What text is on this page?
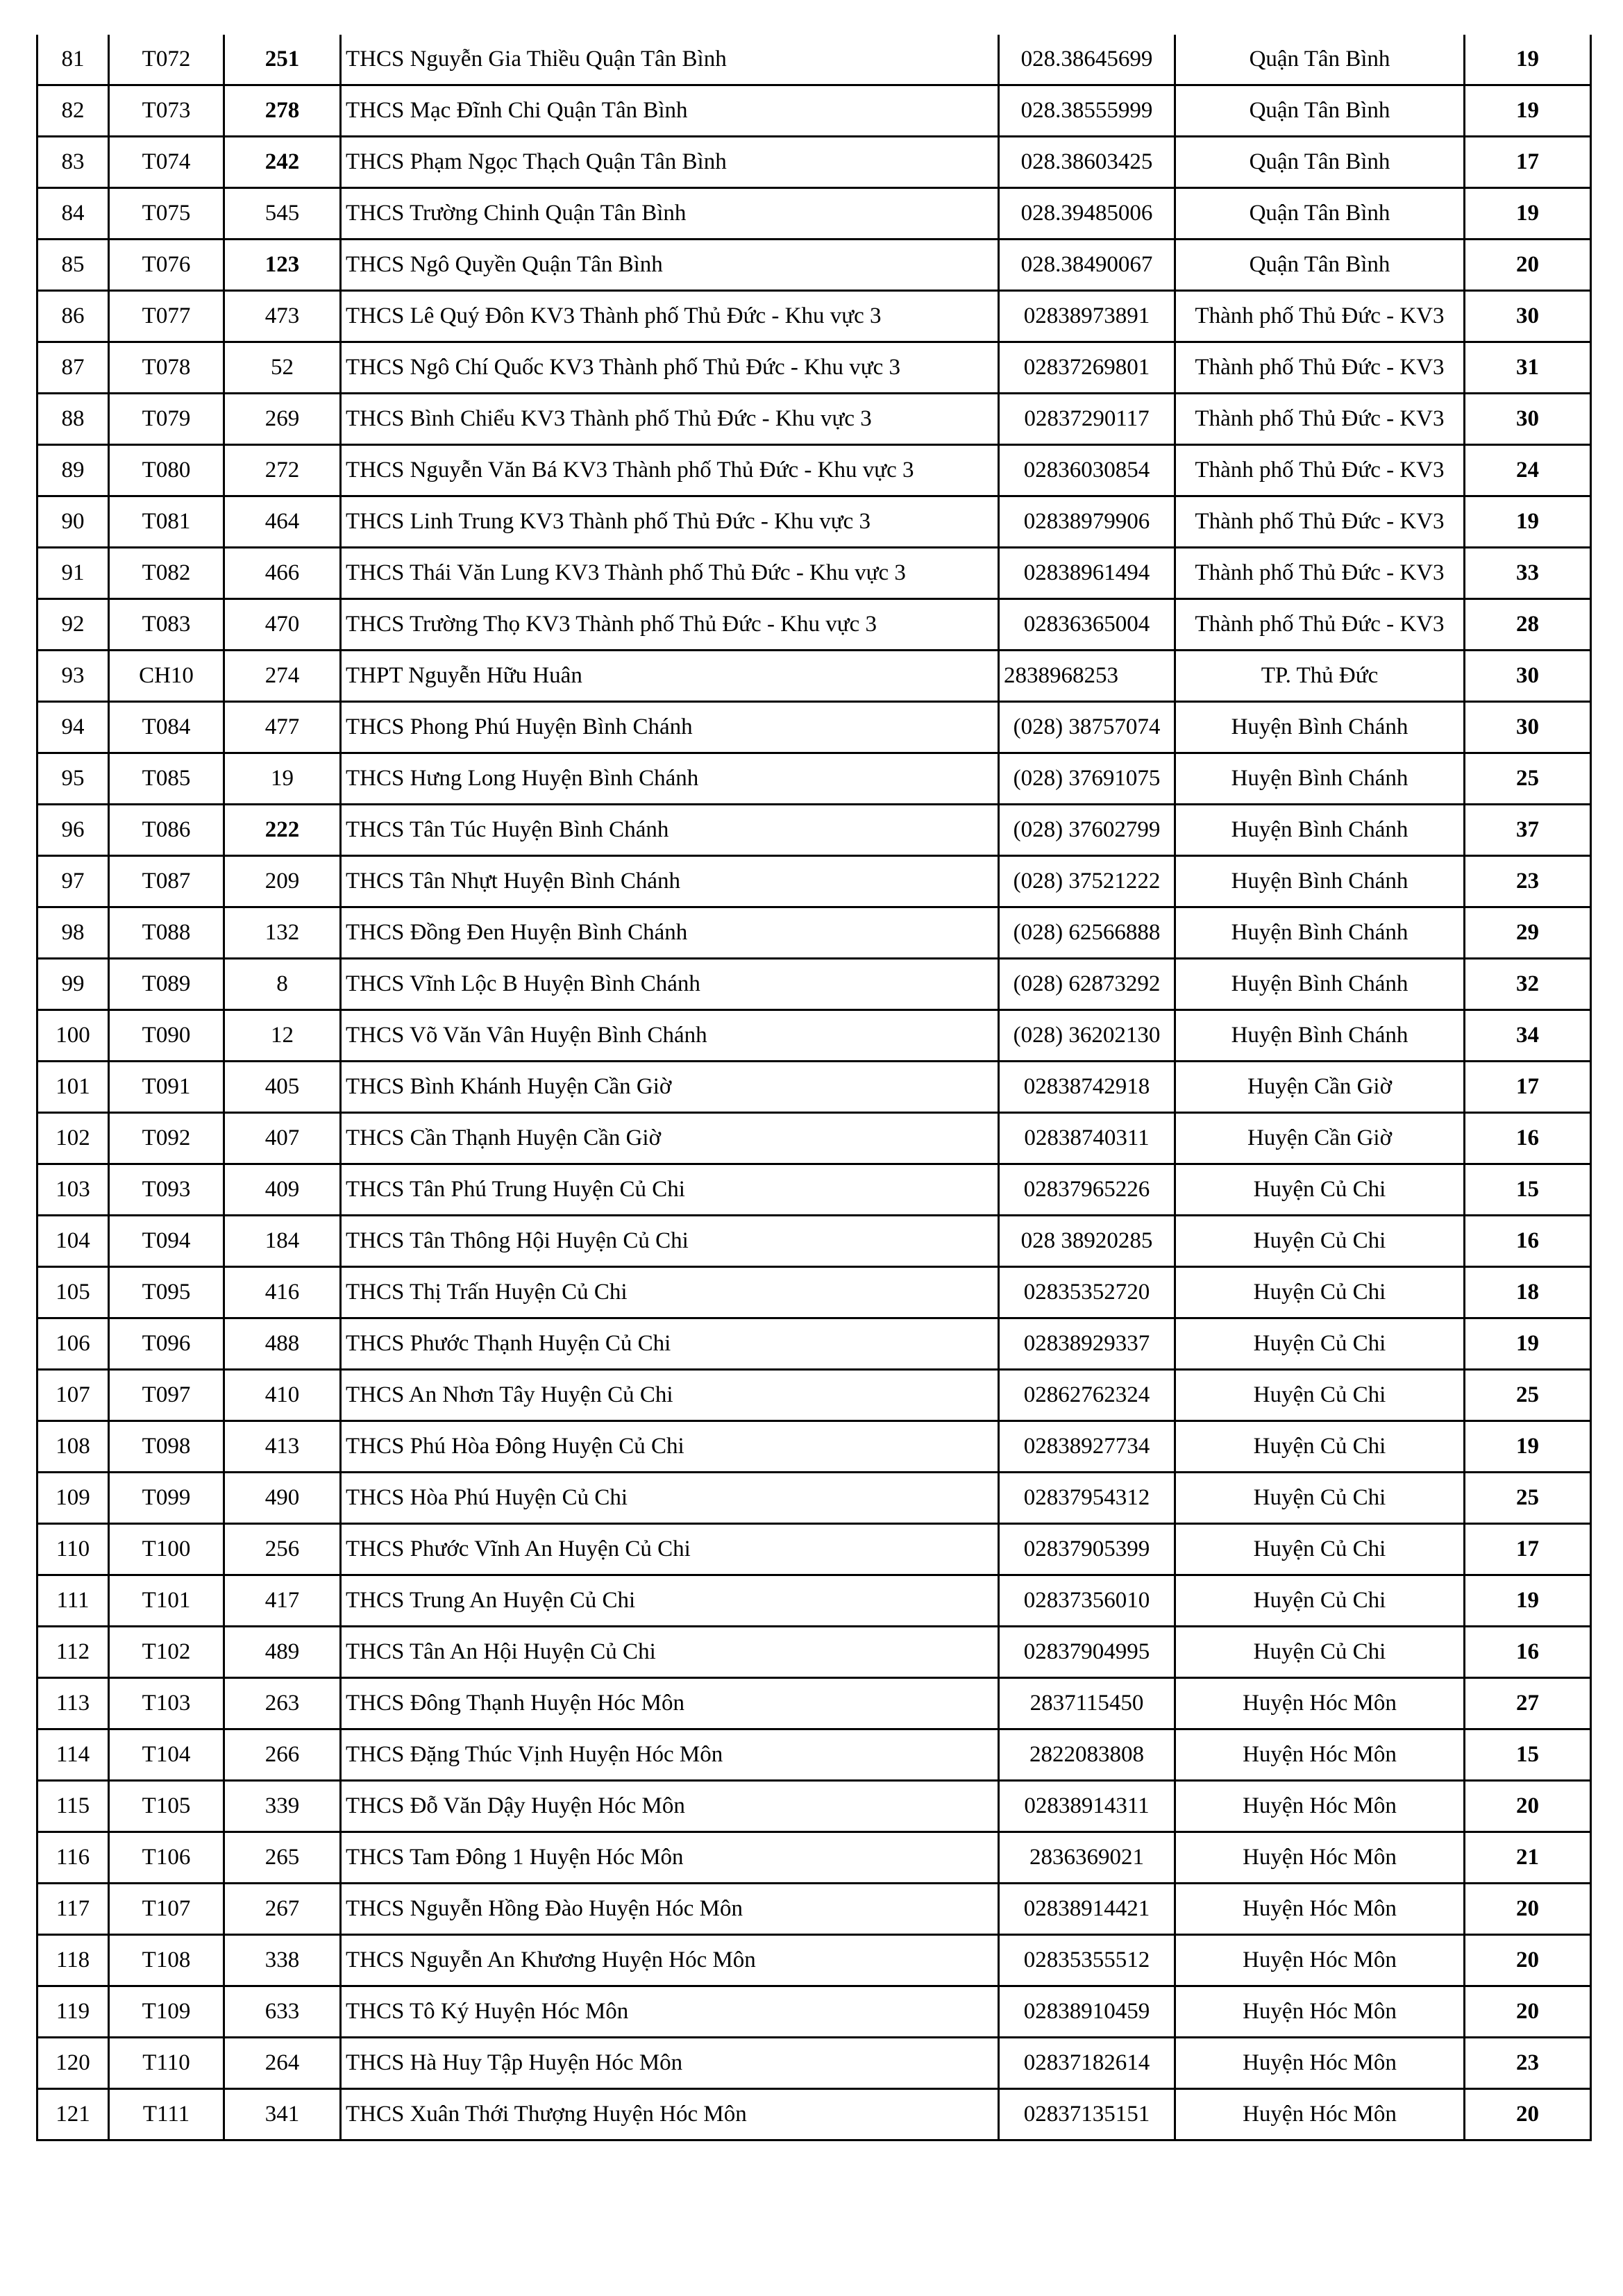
81	T072	251	THCS Nguyễn Gia Thiều Quận Tân Bình	028.38645699	Quận Tân Bình	19
82	T073	278	THCS Mạc Đĩnh Chi Quận Tân Bình	028.38555999	Quận Tân Bình	19
83	T074	242	THCS Phạm Ngọc Thạch Quận Tân Bình	028.38603425	Quận Tân Bình	17
84	T075	545	THCS Trường Chinh Quận Tân Bình	028.39485006	Quận Tân Bình	19
85	T076	123	THCS Ngô Quyền Quận Tân Bình	028.38490067	Quận Tân Bình	20
86	T077	473	THCS Lê Quý Đôn KV3 Thành phố Thủ Đức - Khu vực 3	02838973891	Thành phố Thủ Đức - KV3	30
87	T078	52	THCS Ngô Chí Quốc KV3 Thành phố Thủ Đức - Khu vực 3	02837269801	Thành phố Thủ Đức - KV3	31
88	T079	269	THCS Bình Chiểu KV3 Thành phố Thủ Đức - Khu vực 3	02837290117	Thành phố Thủ Đức - KV3	30
89	T080	272	THCS Nguyễn Văn Bá KV3 Thành phố Thủ Đức - Khu vực 3	02836030854	Thành phố Thủ Đức - KV3	24
90	T081	464	THCS Linh Trung KV3 Thành phố Thủ Đức - Khu vực 3	02838979906	Thành phố Thủ Đức - KV3	19
91	T082	466	THCS Thái Văn Lung KV3 Thành phố Thủ Đức - Khu vực 3	02838961494	Thành phố Thủ Đức - KV3	33
92	T083	470	THCS Trường Thọ KV3 Thành phố Thủ Đức - Khu vực 3	02836365004	Thành phố Thủ Đức - KV3	28
93	CH10	274	THPT Nguyễn Hữu Huân	2838968253	TP. Thủ Đức	30
94	T084	477	THCS Phong Phú Huyện Bình Chánh	(028) 38757074	Huyện Bình Chánh	30
95	T085	19	THCS Hưng Long Huyện Bình Chánh	(028) 37691075	Huyện Bình Chánh	25
96	T086	222	THCS Tân Túc Huyện Bình Chánh	(028) 37602799	Huyện Bình Chánh	37
97	T087	209	THCS Tân Nhựt Huyện Bình Chánh	(028) 37521222	Huyện Bình Chánh	23
98	T088	132	THCS Đồng Đen Huyện Bình Chánh	(028) 62566888	Huyện Bình Chánh	29
99	T089	8	THCS Vĩnh Lộc B Huyện Bình Chánh	(028) 62873292	Huyện Bình Chánh	32
100	T090	12	THCS Võ Văn Vân Huyện Bình Chánh	(028) 36202130	Huyện Bình Chánh	34
101	T091	405	THCS Bình Khánh Huyện Cần Giờ	02838742918	Huyện Cần Giờ	17
102	T092	407	THCS Cần Thạnh Huyện Cần Giờ	02838740311	Huyện Cần Giờ	16
103	T093	409	THCS Tân Phú Trung Huyện Củ Chi	02837965226	Huyện Củ Chi	15
104	T094	184	THCS Tân Thông Hội Huyện Củ Chi	028 38920285	Huyện Củ Chi	16
105	T095	416	THCS Thị Trấn Huyện Củ Chi	02835352720	Huyện Củ Chi	18
106	T096	488	THCS Phước Thạnh Huyện Củ Chi	02838929337	Huyện Củ Chi	19
107	T097	410	THCS An Nhơn Tây Huyện Củ Chi	02862762324	Huyện Củ Chi	25
108	T098	413	THCS Phú Hòa Đông Huyện Củ Chi	02838927734	Huyện Củ Chi	19
109	T099	490	THCS Hòa Phú Huyện Củ Chi	02837954312	Huyện Củ Chi	25
110	T100	256	THCS Phước Vĩnh An Huyện Củ Chi	02837905399	Huyện Củ Chi	17
111	T101	417	THCS Trung An Huyện Củ Chi	02837356010	Huyện Củ Chi	19
112	T102	489	THCS Tân An Hội Huyện Củ Chi	02837904995	Huyện Củ Chi	16
113	T103	263	THCS Đông Thạnh Huyện Hóc Môn	2837115450	Huyện Hóc Môn	27
114	T104	266	THCS Đặng Thúc Vịnh Huyện Hóc Môn	2822083808	Huyện Hóc Môn	15
115	T105	339	THCS Đỗ Văn Dậy Huyện Hóc Môn	02838914311	Huyện Hóc Môn	20
116	T106	265	THCS Tam Đông 1 Huyện Hóc Môn	2836369021	Huyện Hóc Môn	21
117	T107	267	THCS Nguyễn Hồng Đào Huyện Hóc Môn	02838914421	Huyện Hóc Môn	20
118	T108	338	THCS Nguyễn An Khương Huyện Hóc Môn	02835355512	Huyện Hóc Môn	20
119	T109	633	THCS Tô Ký Huyện Hóc Môn	02838910459	Huyện Hóc Môn	20
120	T110	264	THCS Hà Huy Tập Huyện Hóc Môn	02837182614	Huyện Hóc Môn	23
121	T111	341	THCS Xuân Thới Thượng Huyện Hóc Môn	02837135151	Huyện Hóc Môn	20
